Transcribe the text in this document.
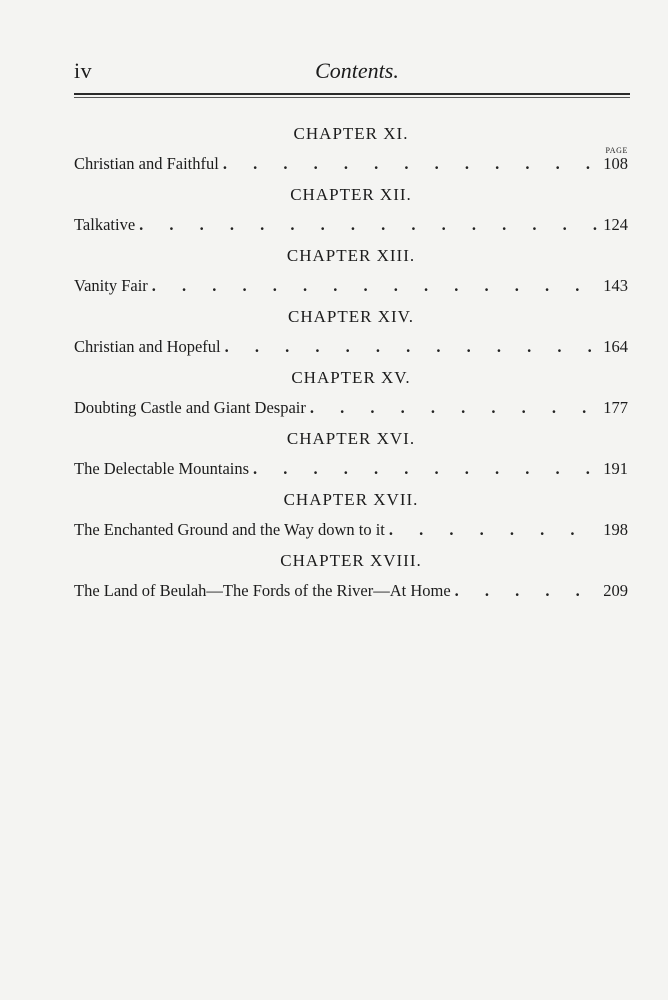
iv	Contents.
CHAPTER XI.
PAGE
Christian and Faithful . . .	108
CHAPTER XII.
Talkative . . .	124
CHAPTER XIII.
Vanity Fair . . .	143
CHAPTER XIV.
Christian and Hopeful . . .	164
CHAPTER XV.
Doubting Castle and Giant Despair . . .	177
CHAPTER XVI.
The Delectable Mountains . . .	191
CHAPTER XVII.
The Enchanted Ground and the Way down to it . . .	198
CHAPTER XVIII.
The Land of Beulah—The Fords of the River—At Home . . .	209
